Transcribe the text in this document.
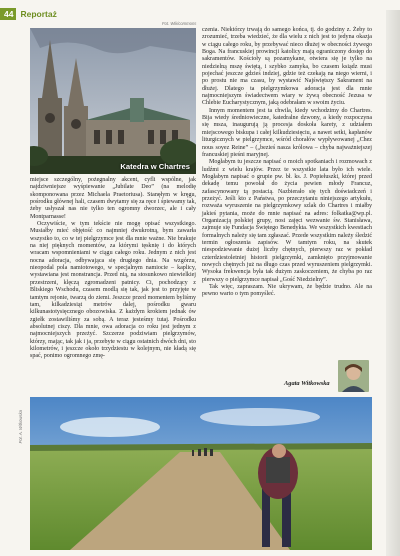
44 Reportaż
Fot. Wikicommons
Katedra w Chartres

miejsce szczególny, pożegnalny akcent, cyfli wspólne, jak najdziwniejsze wyśpiewanie „Jubilate Deo” (na melodię skomponowana przez Michaela Praetoriusa). Stanęłym w kręgu, pośrodku głównej hali, czasem dwytamy się za ręce i śpiewamy tak, żeby usłyszał nas nie tylko ten ogromny dworzec, ale i cały Montparnasse!

Oczywiście, w tym tekście nie mogę opisać wszystkiego. Musiałby mieć objętość co najmniej dwukrotną, bym zawarła wszystko to, co w tej pielgrzymce jest dla mnie ważne. Nie brakuje na niej pięknych momentów, za którymi tęsknię i do których wracam wspomnieniami w ciągu całego roku. Jednym z nich jest nocna adoracja, odbywająca się drugiego dnia. Na wzgórzu, nieopodal pola namiotowego, w specjalnym namiocie – kaplicy, wystawiana jest monstrancja. Przed nią, na stosunkowo niewielkiej przestrzeni, klęczą zgromadzeni patnicy. Ci, pochodzący z Bliskiego Wschodu, czasem modlą się tak, jak jest to przyjęte w tamtym rejonie, twarzą do ziemi. Jeszcze przed momentem byliśmy tam, kilkadziesiąt metrów dalej, pośrodku gwaru kilkunastotysięcznego obozowiska. Z każdym krokiem jednak ów zgiełk zostawiliśmy za sobą. A teraz jesteśmy tutaj. Pośrodku absolutnej ciszy. Dla mnie, owa adoracja co roku jest jednym z najmocniejszych przeżyć. Szczerze podziwiam pielgrzymów, którzy, mając, tak jak i ja, przebyte w ciągu ostatnich dwóch dni, sto kilometrów, i jeszcze około trzydziestu w kolejnym, nie kładą się spać, ponimo ogromnego zmę-

czenia. Niektórzy trwają do samego końca, tj. do godziny z. Żeby to zrozumieć, trzeba wiedzieć, że dla wielu z nich jest to jedyna okazja w ciągu całego roku, by przebywać nieco dłużej w obecności żywego Boga. Na francuskiej prowincji katolicy mają ograniczony dostęp do sakramentów. Kościoły są pozamykane, otwiera się je tylko na niedzielną mszę świętą, i szybko zamyka, bo czasem ksiądz musi pojechać jeszcze gdzieś indziej, gdzie też czekają na niego wierni, i po prostu nie ma czasu, by wystawić Najświętszy Sakrament na dłużej. Dlatego ta pielgrzymkowa adoracja jest dla mnie najmocniejszym świadectwem wiary w żywą obecność Jezusa w Chlebie Eucharystycznym, jaką odebrałam w swoim życiu.

Innym momentem jest ta chwila, kiedy wchodzimy do Chartres. Bija wtedy średniowieczne, katedralne dzwony, a kiedy rozpoczyna się msza, inaugurują ją procesja doskoła karety, z udziałem miejscowego biskupa i całej kilkudziesięciu, a nawet setki, kapłanów liturgicznych w pielgrzymce, wśród chorałów wypływowanej „Chez nous soyez Reine” – („bezieś nasza królowa – chyba najważniejszej francuskiej pieśni maryjnej.

Mogłabym tu jeszcze napisać o moich spotkaniach i rozmowach z ludźmi z wielu krajów. Przez te wszystkie lata było ich wiele. Mogłabym napisać o grupie pw. bł. ks. J. Popiełuszki, której przed dekadę temu powołał do życia pewien młody Francuz, zafascynowany tą postacią. Nazbierało się tych doświadczeń i przeżyć. Jeśli kto z Państwa, po przeczytaniu niniejszego artykułu, rozważa wyruszenie na pielgrzymkowy szlak do Chartres i miałby jakieś pytania, może do mnie napisać na adres: folkatka@wp.pl. Organizacją polskiej grupy, nosi zajęci wezwanie św. Stanisława, zajmuje się Fundacja Świętego Benedykta. We wszystkich kwestiach formalnych należy się tam zgłaszać. Przede wszystkim należy śledzić termin ogłoszenia zapisów. W tamtym roku, na skutek niespodziewanie dużej liczby chętnych, pierwszy raz w pokład czterdziestoletniej historii pielgrzymki, zamknięto przyjmowanie nowych chętnych już na długo czas przed wyruszeniem pielgrzymki. Wysoka frekwencja była tak dużym zaskoczeniem, że chyba po raz pierwszy o pielgrzymce napisał „Gość Niedzielny”.

Tak więc, zapraszam. Nie ukrywam, że będzie trudno. Ale na pewno warto o tym pomyśleć.

Agata Witkowska
Fot. A. Witkowska
